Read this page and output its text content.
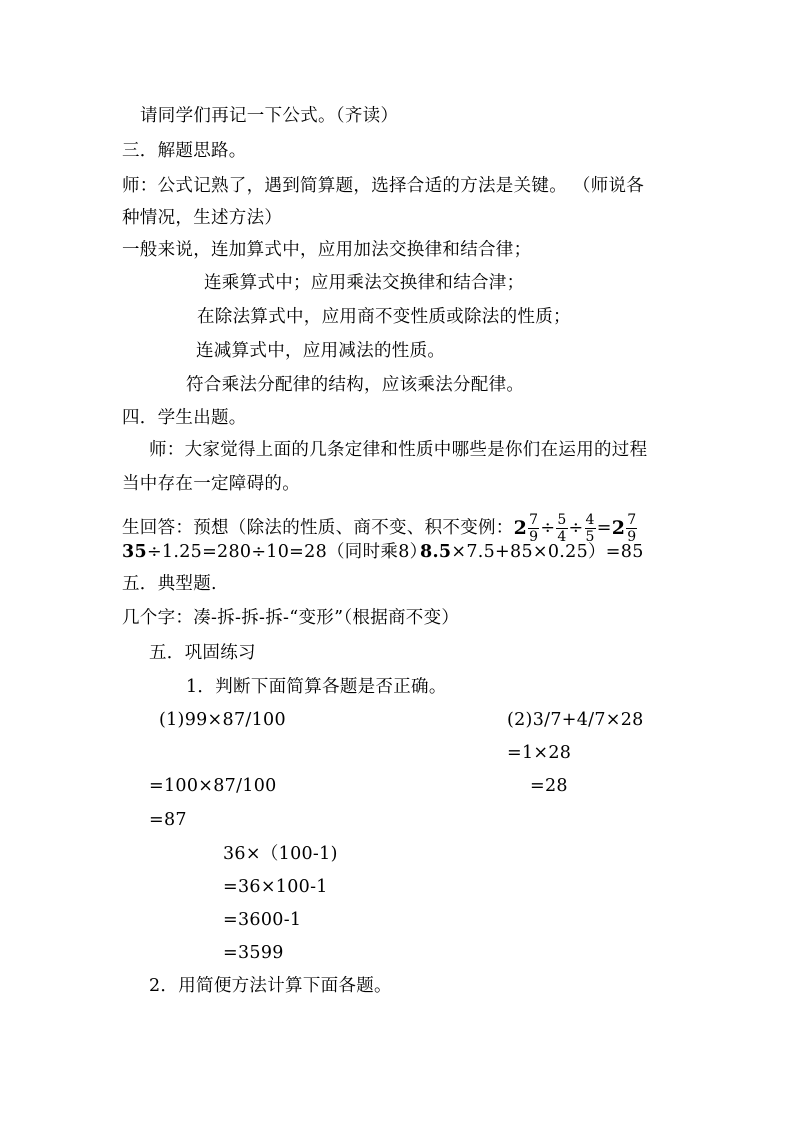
请同学们再记一下公式。（齐读）
三．解题思路。
师：公式记熟了，遇到简算题，选择合适的方法是关键。 （师说各
种情况，生述方法）
一般来说，连加算式中，应用加法交换律和结合律；
连乘算式中；应用乘法交换律和结合津；
在除法算式中，应用商不变性质或除法的性质；
连减算式中，应用减法的性质。
符合乘法分配律的结构，应该乘法分配律。
四．学生出题。
师：大家觉得上面的几条定律和性质中哪些是你们在运用的过程
当中存在一定障碍的。
生回答：预想（除法的性质、商不变、积不变例： $2 \frac{7}{9} \div \frac{5}{4} \div \frac{4}{5} = 2 \frac{7}{9}$
35÷1.25=280÷10=28（同时乘8）
8.5×7.5+85×0.25）=85
五．典型题.
几个字：凑-拆-拆-拆-“变形”（根据商不变）
五．巩固练习
1．判断下面简算各题是否正确。
(1)99×87/100
=100×87/100
=87
(2)3/7+4/7×28
=1×28
=28
36×（100-1)
=36×100-1
=3600-1
=3599
2．用简便方法计算下面各题。
